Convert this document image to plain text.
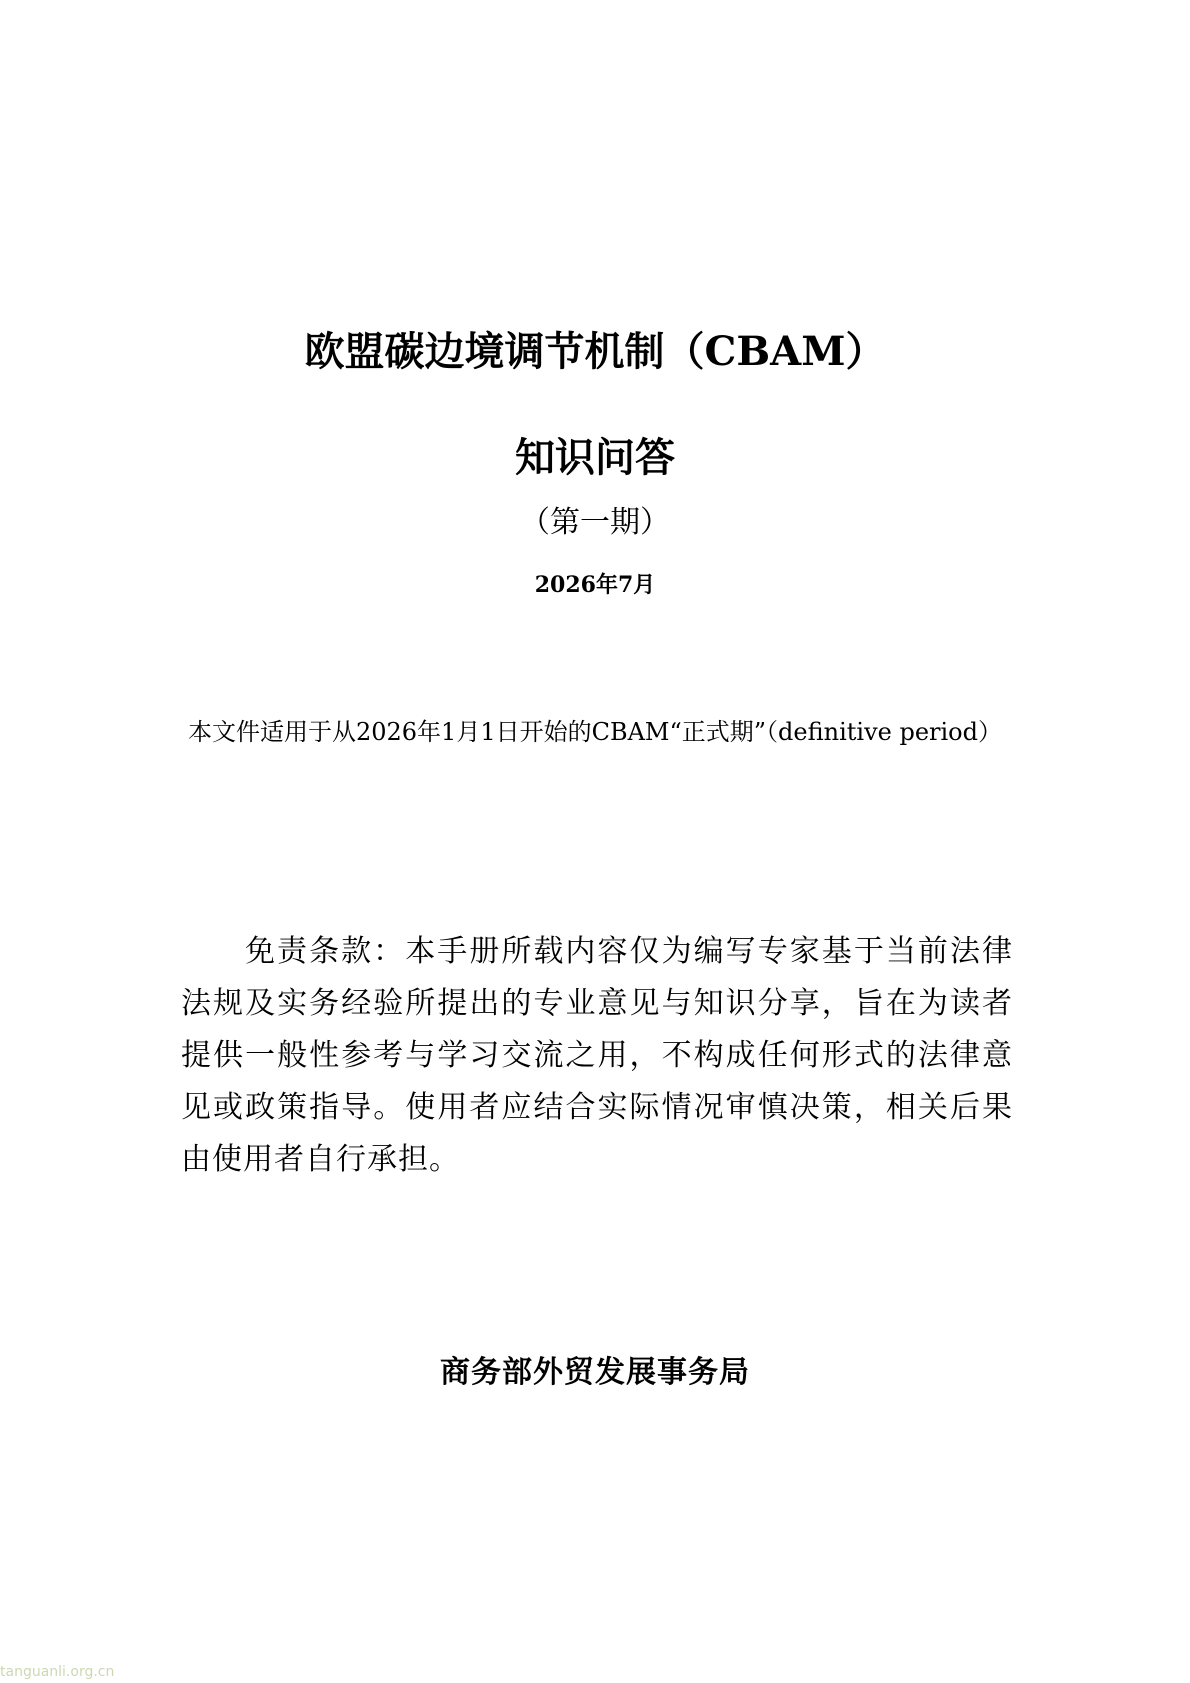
欧盟碳边境调节机制（CBAM）
知识问答
（第一期）
2026年7月
本文件适用于从2026年1月1日开始的CBAM“正式期”（definitive period）
免责条款：本手册所载内容仅为编写专家基于当前法律法规及实务经验所提出的专业意见与知识分享，旨在为读者提供一般性参考与学习交流之用，不构成任何形式的法律意见或政策指导。使用者应结合实际情况审慎决策，相关后果由使用者自行承担。
商务部外贸发展事务局
tanguanli.org.cn
